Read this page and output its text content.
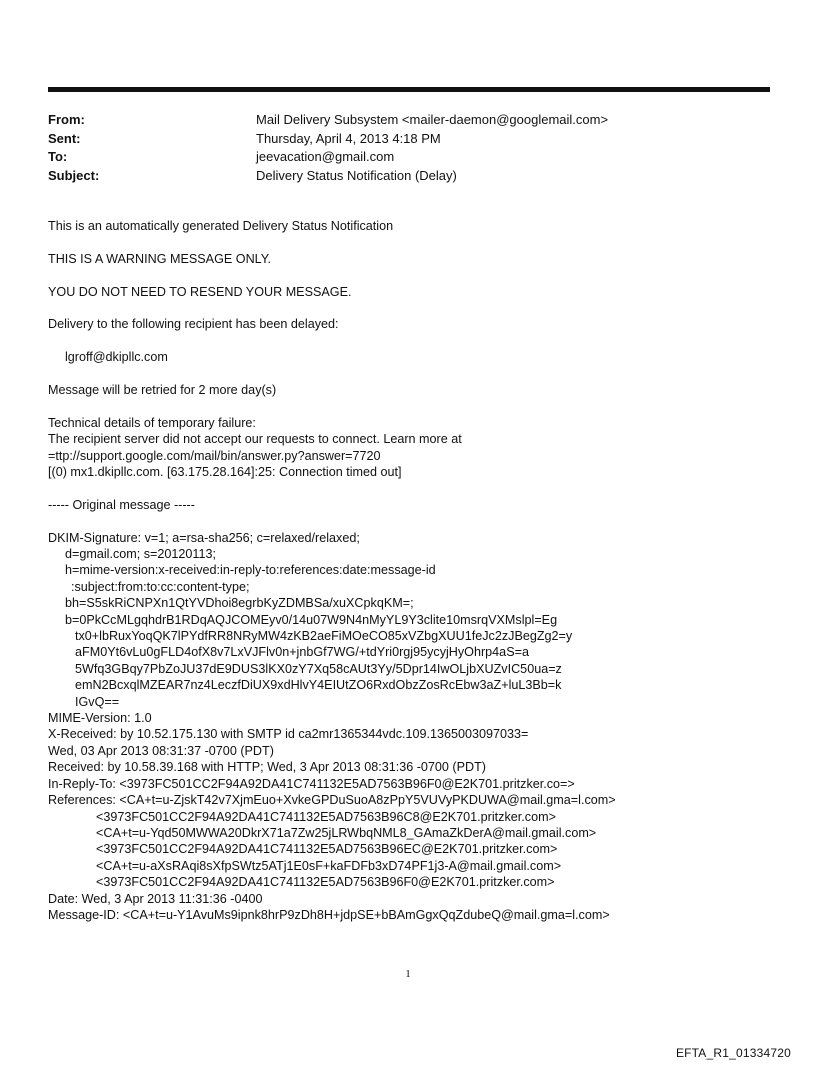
From:	Mail Delivery Subsystem <mailer-daemon@googlemail.com>
Sent:	Thursday, April 4, 2013 4:18 PM
To:	jeevacation@gmail.com
Subject:	Delivery Status Notification (Delay)

This is an automatically generated Delivery Status Notification

THIS IS A WARNING MESSAGE ONLY.

YOU DO NOT NEED TO RESEND YOUR MESSAGE.

Delivery to the following recipient has been delayed:

lgroff@dkipllc.com

Message will be retried for 2 more day(s)

Technical details of temporary failure:

The recipient server did not accept our requests to connect. Learn more at

=ttp://support.google.com/mail/bin/answer.py?answer=7720

[(0) mx1.dkipllc.com. [63.175.28.164]:25: Connection timed out]

----- Original message -----

DKIM-Signature: v=1; a=rsa-sha256; c=relaxed/relaxed;

d=gmail.com; s=20120113;

h=mime-version:x-received:in-reply-to:references:date:message-id

:subject:from:to:cc:content-type;

bh=S5skRiCNPXn1QtYVDhoi8egrbKyZDMBSa/xuXCpkqKM=;

b=0PkCcMLgqhdrB1RDqAQJCOMEyv0/14u07W9N4nMyYL9Y3clite10msrqVXMslpl=Eg

tx0+lbRuxYoqQK7lPYdfRR8NRyMW4zKB2aeFiMOeCO85xVZbgXUU1feJc2zJBegZg2=y

aFM0Yt6vLu0gFLD4ofX8v7LxVJFlv0n+jnbGf7WG/+tdYri0rgj95ycyjHyOhrp4aS=a

5Wfq3GBqy7PbZoJU37dE9DUS3lKX0zY7Xq58cAUt3Yy/5Dpr14IwOLjbXUZvIC50ua=z

emN2BcxqlMZEAR7nz4LeczfDiUX9xdHlvY4EIUtZO6RxdObzZosRcEbw3aZ+luL3Bb=k

IGvQ==

MIME-Version: 1.0

X-Received: by 10.52.175.130 with SMTP id ca2mr1365344vdc.109.1365003097033=

Wed, 03 Apr 2013 08:31:37 -0700 (PDT)

Received: by 10.58.39.168 with HTTP; Wed, 3 Apr 2013 08:31:36 -0700 (PDT)

In-Reply-To: <3973FC501CC2F94A92DA41C741132E5AD7563B96F0@E2K701.pritzker.co=>

References: <CA+t=u-ZjskT42v7XjmEuo+XvkeGPDuSuoA8zPpY5VUVyPKDUWA@mail.gma=l.com>

<3973FC501CC2F94A92DA41C741132E5AD7563B96C8@E2K701.pritzker.com>

<CA+t=u-Yqd50MWWA20DkrX71a7Zw25jLRWbqNML8_GAmaZkDerA@mail.gmail.com>

<3973FC501CC2F94A92DA41C741132E5AD7563B96EC@E2K701.pritzker.com>

<CA+t=u-aXsRAqi8sXfpSWtz5ATj1E0sF+kaFDFb3xD74PF1j3-A@mail.gmail.com>

<3973FC501CC2F94A92DA41C741132E5AD7563B96F0@E2K701.pritzker.com>

Date: Wed, 3 Apr 2013 11:31:36 -0400

Message-ID: <CA+t=u-Y1AvuMs9ipnk8hrP9zDh8H+jdpSE+bBAmGgxQqZdubeQ@mail.gma=l.com>

1
EFTA_R1_01334720
